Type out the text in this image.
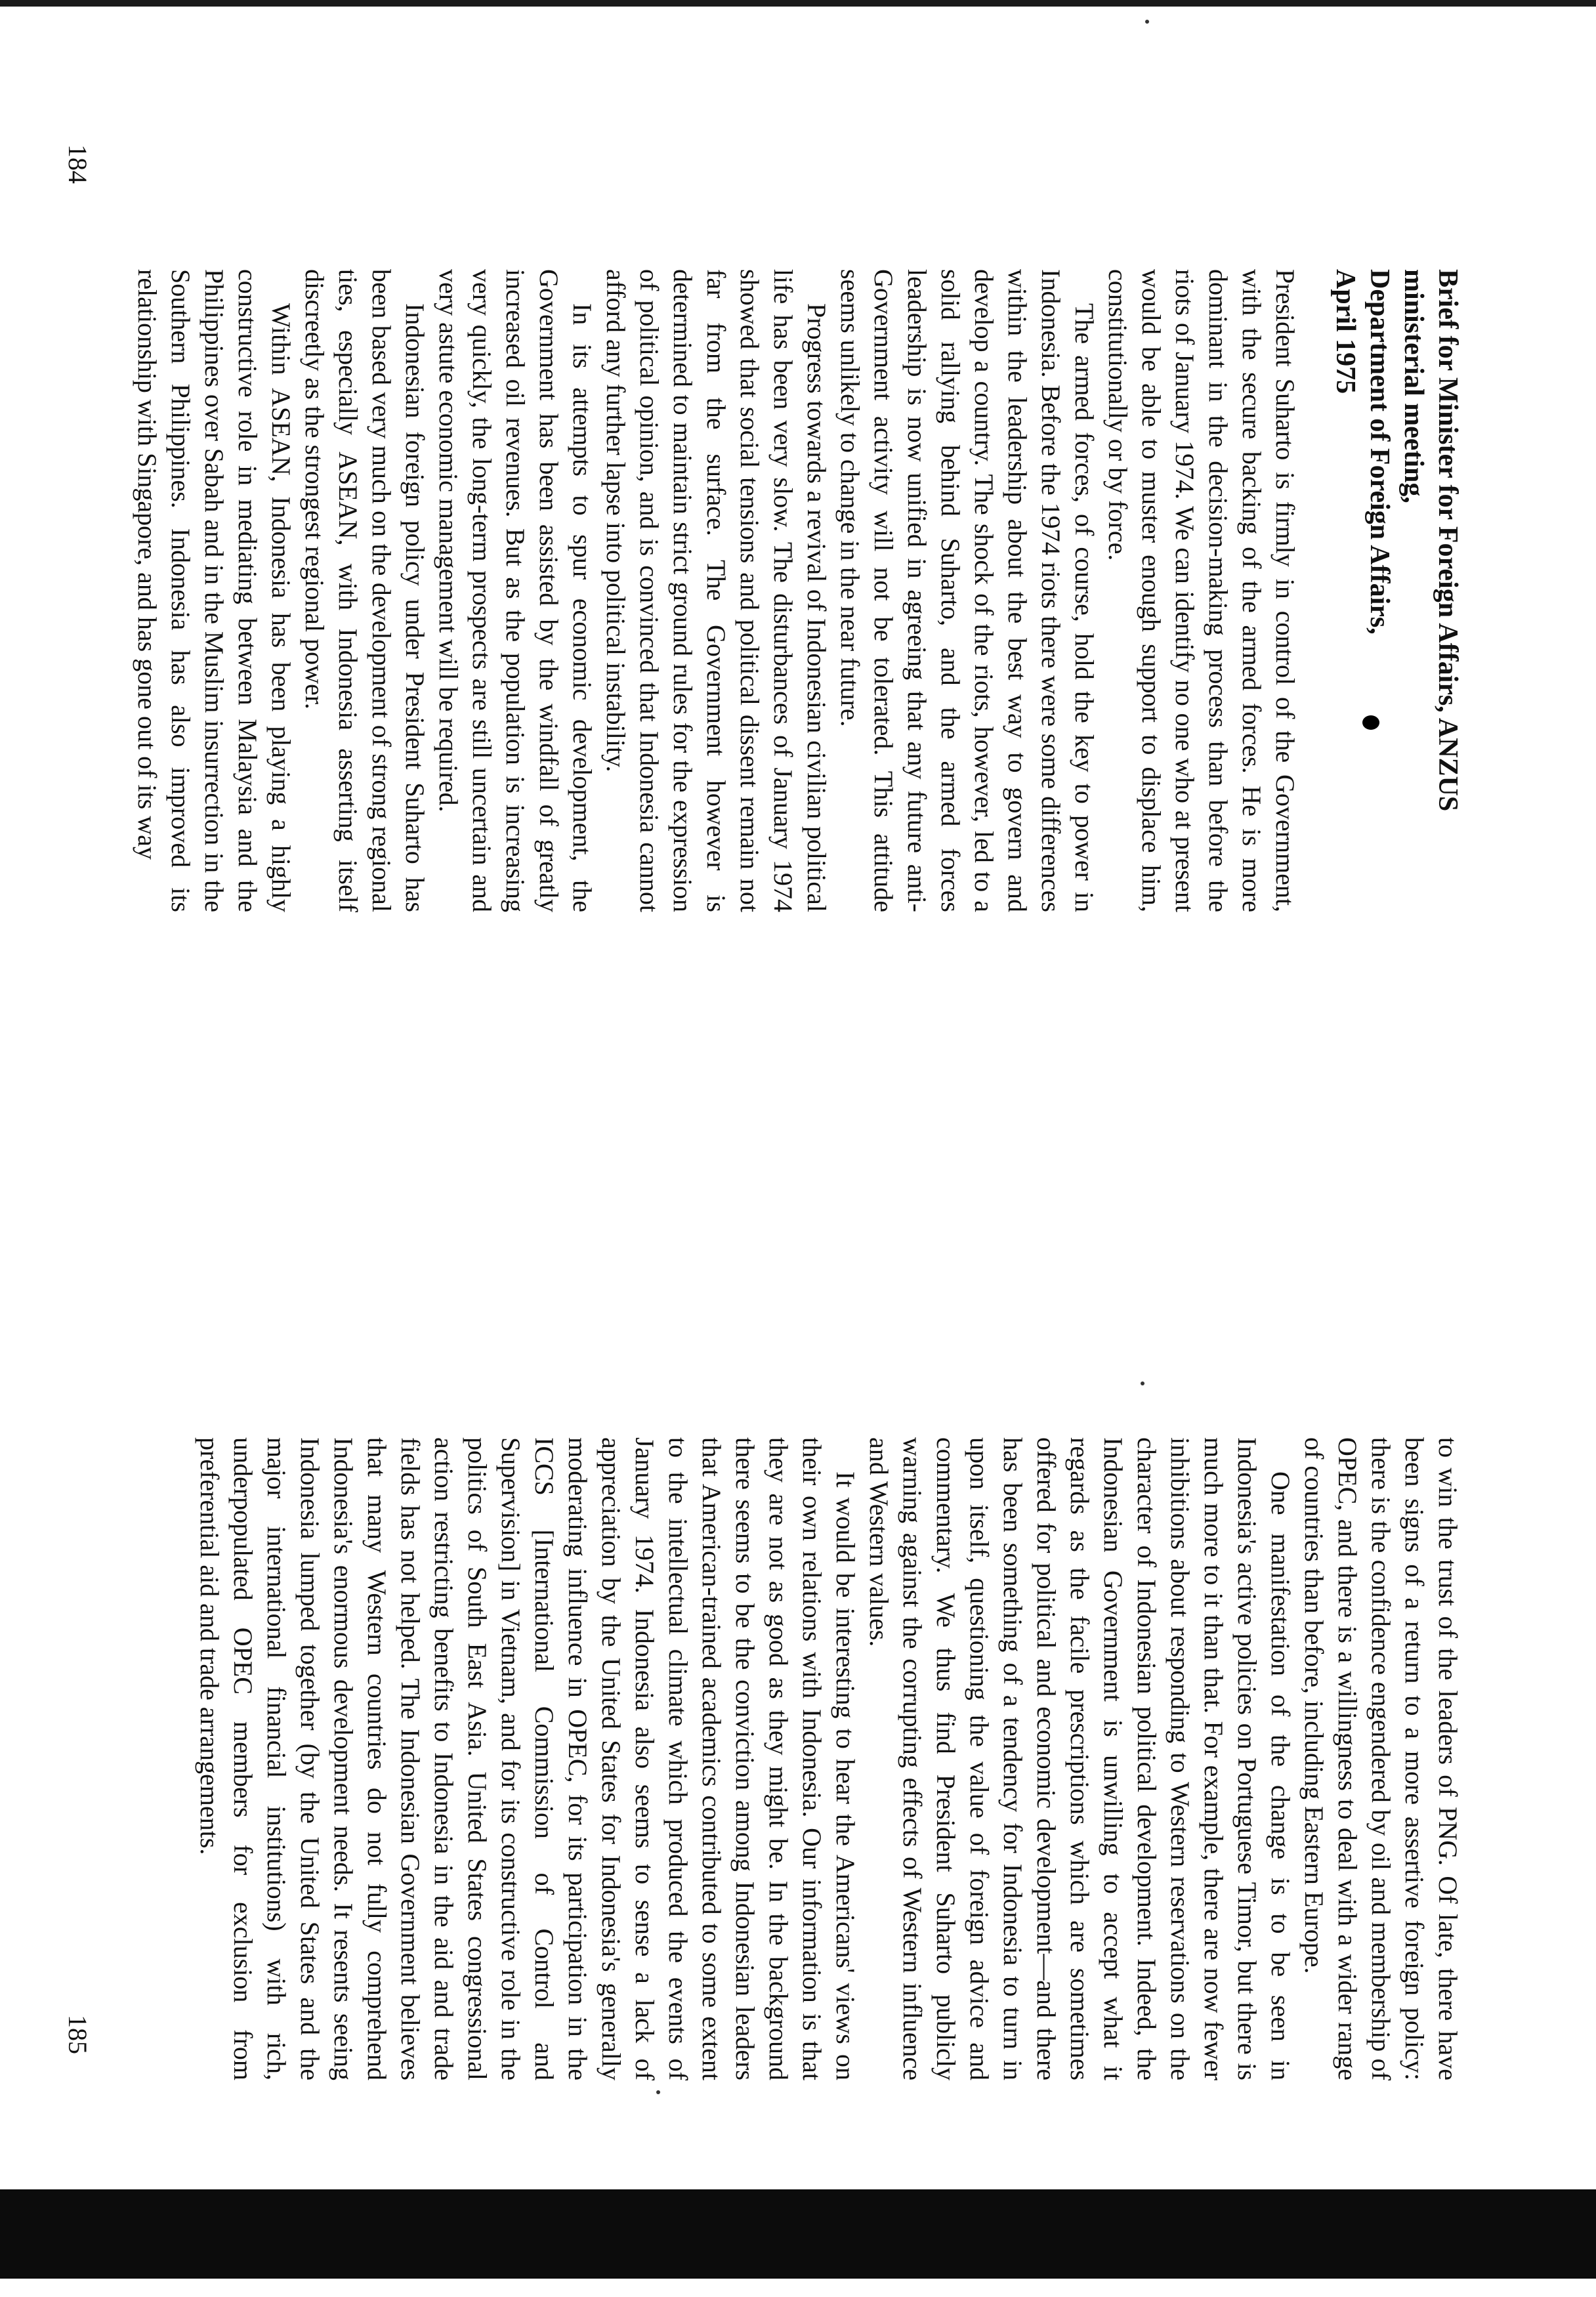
Brief for Minister for Foreign Affairs, ANZUS
ministerial meeting,
Department of Foreign Affairs,
April 1975

President Suharto is firmly in control of the Government, with the secure backing of the armed forces. He is more dominant in the decision-making process than before the riots of January 1974. We can identify no one who at present would be able to muster enough support to displace him, constitutionally or by force.

The armed forces, of course, hold the key to power in Indonesia. Before the 1974 riots there were some differences within the leadership about the best way to govern and develop a country. The shock of the riots, however, led to a solid rallying behind Suharto, and the armed forces leadership is now unified in agreeing that any future anti-Government activity will not be tolerated. This attitude seems unlikely to change in the near future.

Progress towards a revival of Indonesian civilian political life has been very slow. The disturbances of January 1974 showed that social tensions and political dissent remain not far from the surface. The Government however is determined to maintain strict ground rules for the expression of political opinion, and is convinced that Indonesia cannot afford any further lapse into political instability.

In its attempts to spur economic development, the Government has been assisted by the windfall of greatly increased oil revenues. But as the population is increasing very quickly, the long-term prospects are still uncertain and very astute economic management will be required.

Indonesian foreign policy under President Suharto has been based very much on the development of strong regional ties, especially ASEAN, with Indonesia asserting itself discreetly as the strongest regional power.

Within ASEAN, Indonesia has been playing a highly constructive role in mediating between Malaysia and the Philippines over Sabah and in the Muslim insurrection in the Southern Philippines. Indonesia has also improved its relationship with Singapore, and has gone out of its way

184

to win the trust of the leaders of PNG. Of late, there have been signs of a return to a more assertive foreign policy: there is the confidence engendered by oil and membership of OPEC, and there is a willingness to deal with a wider range of countries than before, including Eastern Europe.

One manifestation of the change is to be seen in Indonesia's active policies on Portuguese Timor, but there is much more to it than that. For example, there are now fewer inhibitions about responding to Western reservations on the character of Indonesian political development. Indeed, the Indonesian Government is unwilling to accept what it regards as the facile prescriptions which are sometimes offered for political and economic development—and there has been something of a tendency for Indonesia to turn in upon itself, questioning the value of foreign advice and commentary. We thus find President Suharto publicly warning against the corrupting effects of Western influence and Western values.

It would be interesting to hear the Americans' views on their own relations with Indonesia. Our information is that they are not as good as they might be. In the background there seems to be the conviction among Indonesian leaders that American-trained academics contributed to some extent to the intellectual climate which produced the events of January 1974. Indonesia also seems to sense a lack of appreciation by the United States for Indonesia's generally moderating influence in OPEC, for its participation in the ICCS [International Commission of Control and Supervision] in Vietnam, and for its constructive role in the politics of South East Asia. United States congressional action restricting benefits to Indonesia in the aid and trade fields has not helped. The Indonesian Government believes that many Western countries do not fully comprehend Indonesia's enormous development needs. It resents seeing Indonesia lumped together (by the United States and the major international financial institutions) with rich, underpopulated OPEC members for exclusion from preferential aid and trade arrangements.

185
